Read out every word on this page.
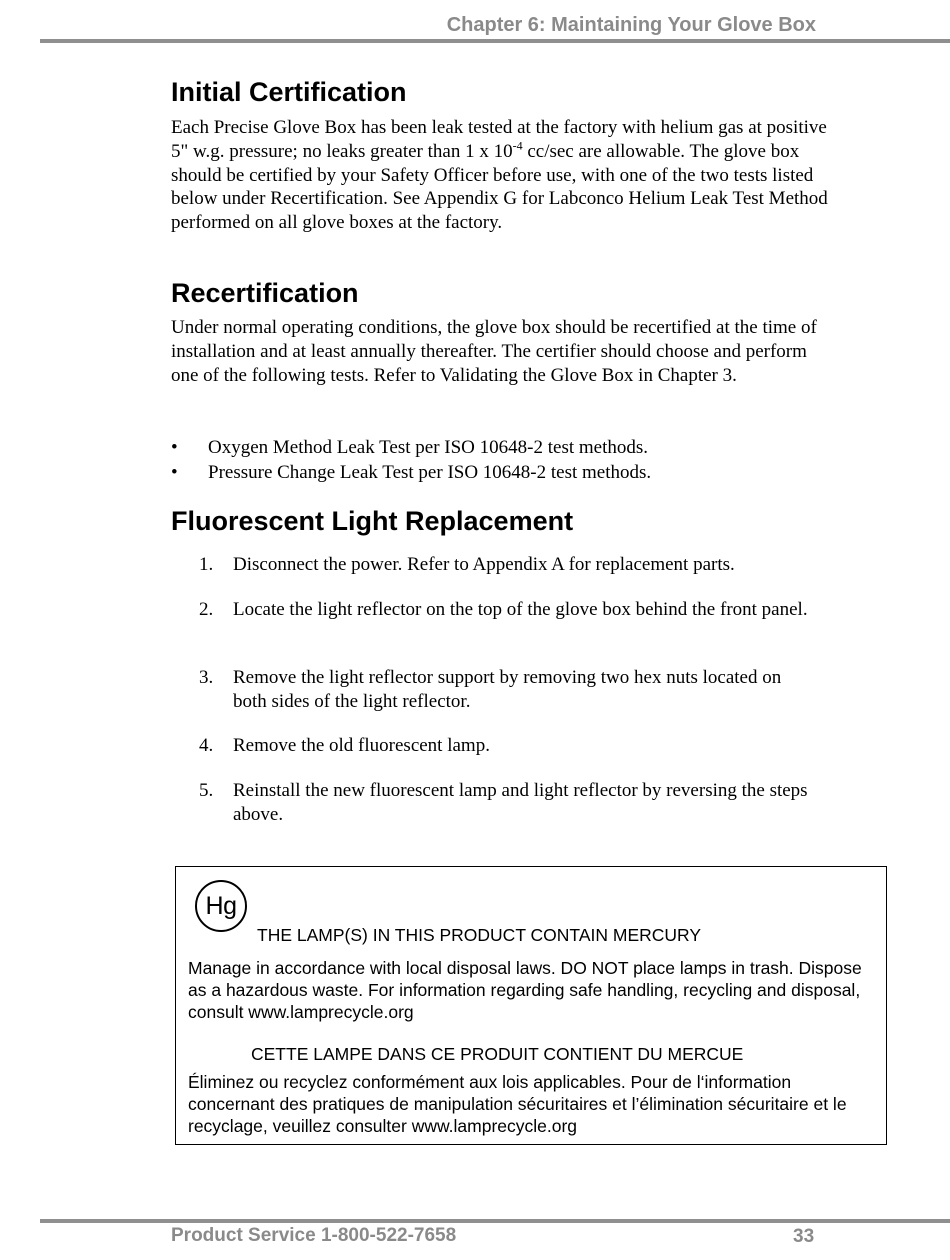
Chapter 6: Maintaining Your Glove Box
Initial Certification

Each Precise Glove Box has been leak tested at the factory with helium gas at positive 5" w.g. pressure; no leaks greater than 1 x $10^{-4}$ cc/sec are allowable. The glove box should be certified by your Safety Officer before use, with one of the two tests listed below under Recertification. See Appendix G for Labconco Helium Leak Test Method performed on all glove boxes at the factory.

Recertification

Under normal operating conditions, the glove box should be recertified at the time of installation and at least annually thereafter. The certifier should choose and perform one of the following tests. Refer to Validating the Glove Box in Chapter 3.

• Oxygen Method Leak Test per ISO 10648-2 test methods.
• Pressure Change Leak Test per ISO 10648-2 test methods.
Fluorescent Light Replacement
1. Disconnect the power. Refer to Appendix A for replacement parts.
2. Locate the light reflector on the top of the glove box behind the front panel.
3. Remove the light reflector support by removing two hex nuts located on both sides of the light reflector.
4. Remove the old fluorescent lamp.
5. Reinstall the new fluorescent lamp and light reflector by reversing the steps above.
Hg
THE LAMP(S) IN THIS PRODUCT CONTAIN MERCURY

Manage in accordance with local disposal laws. DO NOT place lamps in trash. Dispose as a hazardous waste. For information regarding safe handling, recycling and disposal, consult www.lamprecycle.org

CETTE LAMPE DANS CE PRODUIT CONTIENT DU MERCUE

Éliminez ou recyclez conformément aux lois applicables. Pour de l‘information concernant des pratiques de manipulation sécuritaires et l’élimination sécuritaire et le recyclage, veuillez consulter www.lamprecycle.org

Product Service 1-800-522-7658	33
